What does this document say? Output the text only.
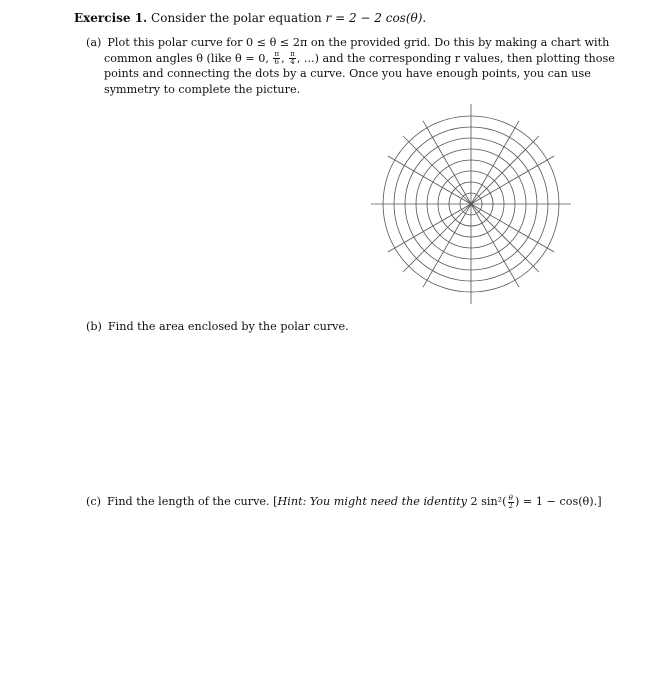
Exercise 1. Consider the polar equation r = 2 − 2 cos(θ).
(a) Plot this polar curve for 0 ≤ θ ≤ 2π on the provided grid. Do this by making a chart with
common angles θ (like θ = 0, $\frac{\pi}{6}$ , $\frac{\pi}{4}$ , ...) and the corresponding r values, then plotting those
points and connecting the dots by a curve. Once you have enough points, you can use
symmetry to complete the picture.
(b) Find the area enclosed by the polar curve.
(c) Find the length of the curve. [Hint: You might need the identity 2 $\sin^2( \frac{\theta}{2}$ ) = 1 − cos(θ).]
